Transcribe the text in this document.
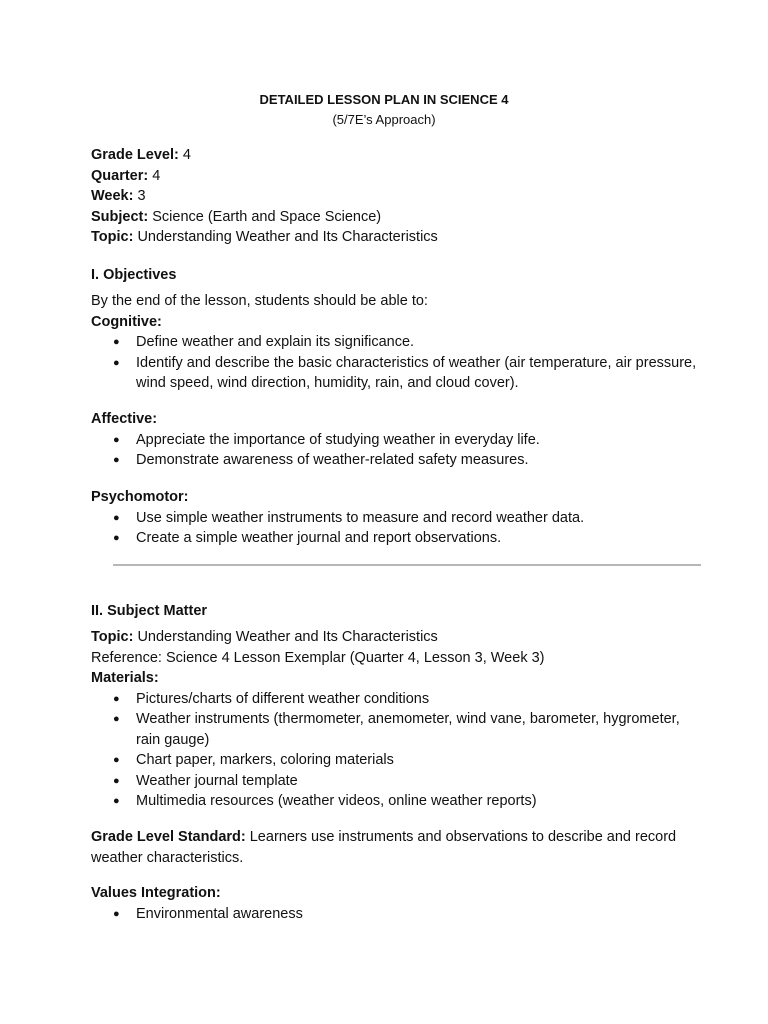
DETAILED LESSON PLAN IN SCIENCE 4
(5/7E’s Approach)

Grade Level: 4

Quarter: 4

Week: 3

Subject: Science (Earth and Space Science)

Topic: Understanding Weather and Its Characteristics

I. Objectives

By the end of the lesson, students should be able to:

Cognitive:

● Define weather and explain its significance.
● Identify and describe the basic characteristics of weather (air temperature, air pressure, wind speed, wind direction, humidity, rain, and cloud cover).

Affective:

● Appreciate the importance of studying weather in everyday life.
● Demonstrate awareness of weather-related safety measures.

Psychomotor:

● Use simple weather instruments to measure and record weather data.
● Create a simple weather journal and report observations.

II. Subject Matter

Topic: Understanding Weather and Its Characteristics

Reference: Science 4 Lesson Exemplar (Quarter 4, Lesson 3, Week 3)

Materials:

● Pictures/charts of different weather conditions
● Weather instruments (thermometer, anemometer, wind vane, barometer, hygrometer, rain gauge)
● Chart paper, markers, coloring materials
● Weather journal template
● Multimedia resources (weather videos, online weather reports)

Grade Level Standard: Learners use instruments and observations to describe and record weather characteristics.

Values Integration:

● Environmental awareness
